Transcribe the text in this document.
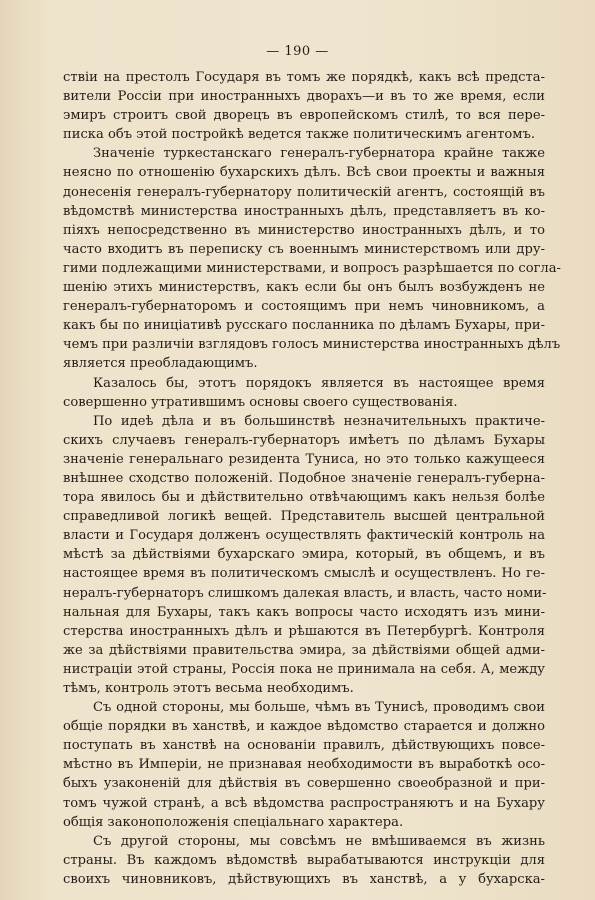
— 190 —
ствіи на престолъ Государя въ томъ же порядкѣ, какъ всѣ предста-
вители Россіи при иностранныхъ дворахъ—и въ то же время, если
эмиръ строитъ свой дворецъ въ европейскомъ стилѣ, то вся пере-
писка объ этой постройкѣ ведется также политическимъ агентомъ.
Значеніе туркестанскаго генералъ-губернатора крайне также
неясно по отношенію бухарскихъ дѣлъ. Всѣ свои проекты и важныя
донесенія генералъ-губернатору политическій агентъ, состоящій въ
вѣдомствѣ министерства иностранныхъ дѣлъ, представляетъ въ ко-
піяхъ непосредственно въ министерство иностранныхъ дѣлъ, и то
часто входитъ въ переписку съ военнымъ министерствомъ или дру-
гими подлежащими министерствами, и вопросъ разрѣшается по согла-
шенію этихъ министерствъ, какъ если бы онъ былъ возбужденъ не
генералъ-губернаторомъ и состоящимъ при немъ чиновникомъ, а
какъ бы по иниціативѣ русскаго посланника по дѣламъ Бухары, при-
чемъ при различіи взглядовъ голосъ министерства иностранныхъ дѣлъ
является преобладающимъ.
Казалось бы, этотъ порядокъ является въ настоящее время
совершенно утратившимъ основы своего существованія.
По идеѣ дѣла и въ большинствѣ незначительныхъ практиче-
скихъ случаевъ генералъ-губернаторъ имѣетъ по дѣламъ Бухары
значеніе генеральнаго резидента Туниса, но это только кажущееся
внѣшнее сходство положеній. Подобное значеніе генералъ-губерна-
тора явилось бы и дѣйствительно отвѣчающимъ какъ нельзя болѣе
справедливой логикѣ вещей. Представитель высшей центральной
власти и Государя долженъ осуществлять фактическій контроль на
мѣстѣ за дѣйствіями бухарскаго эмира, который, въ общемъ, и въ
настоящее время въ политическомъ смыслѣ и осуществленъ. Но ге-
нералъ-губернаторъ слишкомъ далекая власть, и власть, часто номи-
нальная для Бухары, такъ какъ вопросы часто исходятъ изъ мини-
стерства иностранныхъ дѣлъ и рѣшаются въ Петербургѣ. Контроля
же за дѣйствіями правительства эмира, за дѣйствіями общей адми-
нистраціи этой страны, Россія пока не принимала на себя. А, между
тѣмъ, контроль этотъ весьма необходимъ.
Съ одной стороны, мы больше, чѣмъ въ Тунисѣ, проводимъ свои
общіе порядки въ ханствѣ, и каждое вѣдомство старается и должно
поступать въ ханствѣ на основаніи правилъ, дѣйствующихъ повсе-
мѣстно въ Имперіи, не признавая необходимости въ выработкѣ осо-
быхъ узаконеній для дѣйствія въ совершенно своеобразной и при-
томъ чужой странѣ, а всѣ вѣдомства распространяютъ и на Бухару
общія законоположенія спеціальнаго характера.
Съ другой стороны, мы совсѣмъ не вмѣшиваемся въ жизнь
страны. Въ каждомъ вѣдомствѣ вырабатываются инструкціи для
своихъ чиновниковъ, дѣйствующихъ въ ханствѣ, а у бухарска-
